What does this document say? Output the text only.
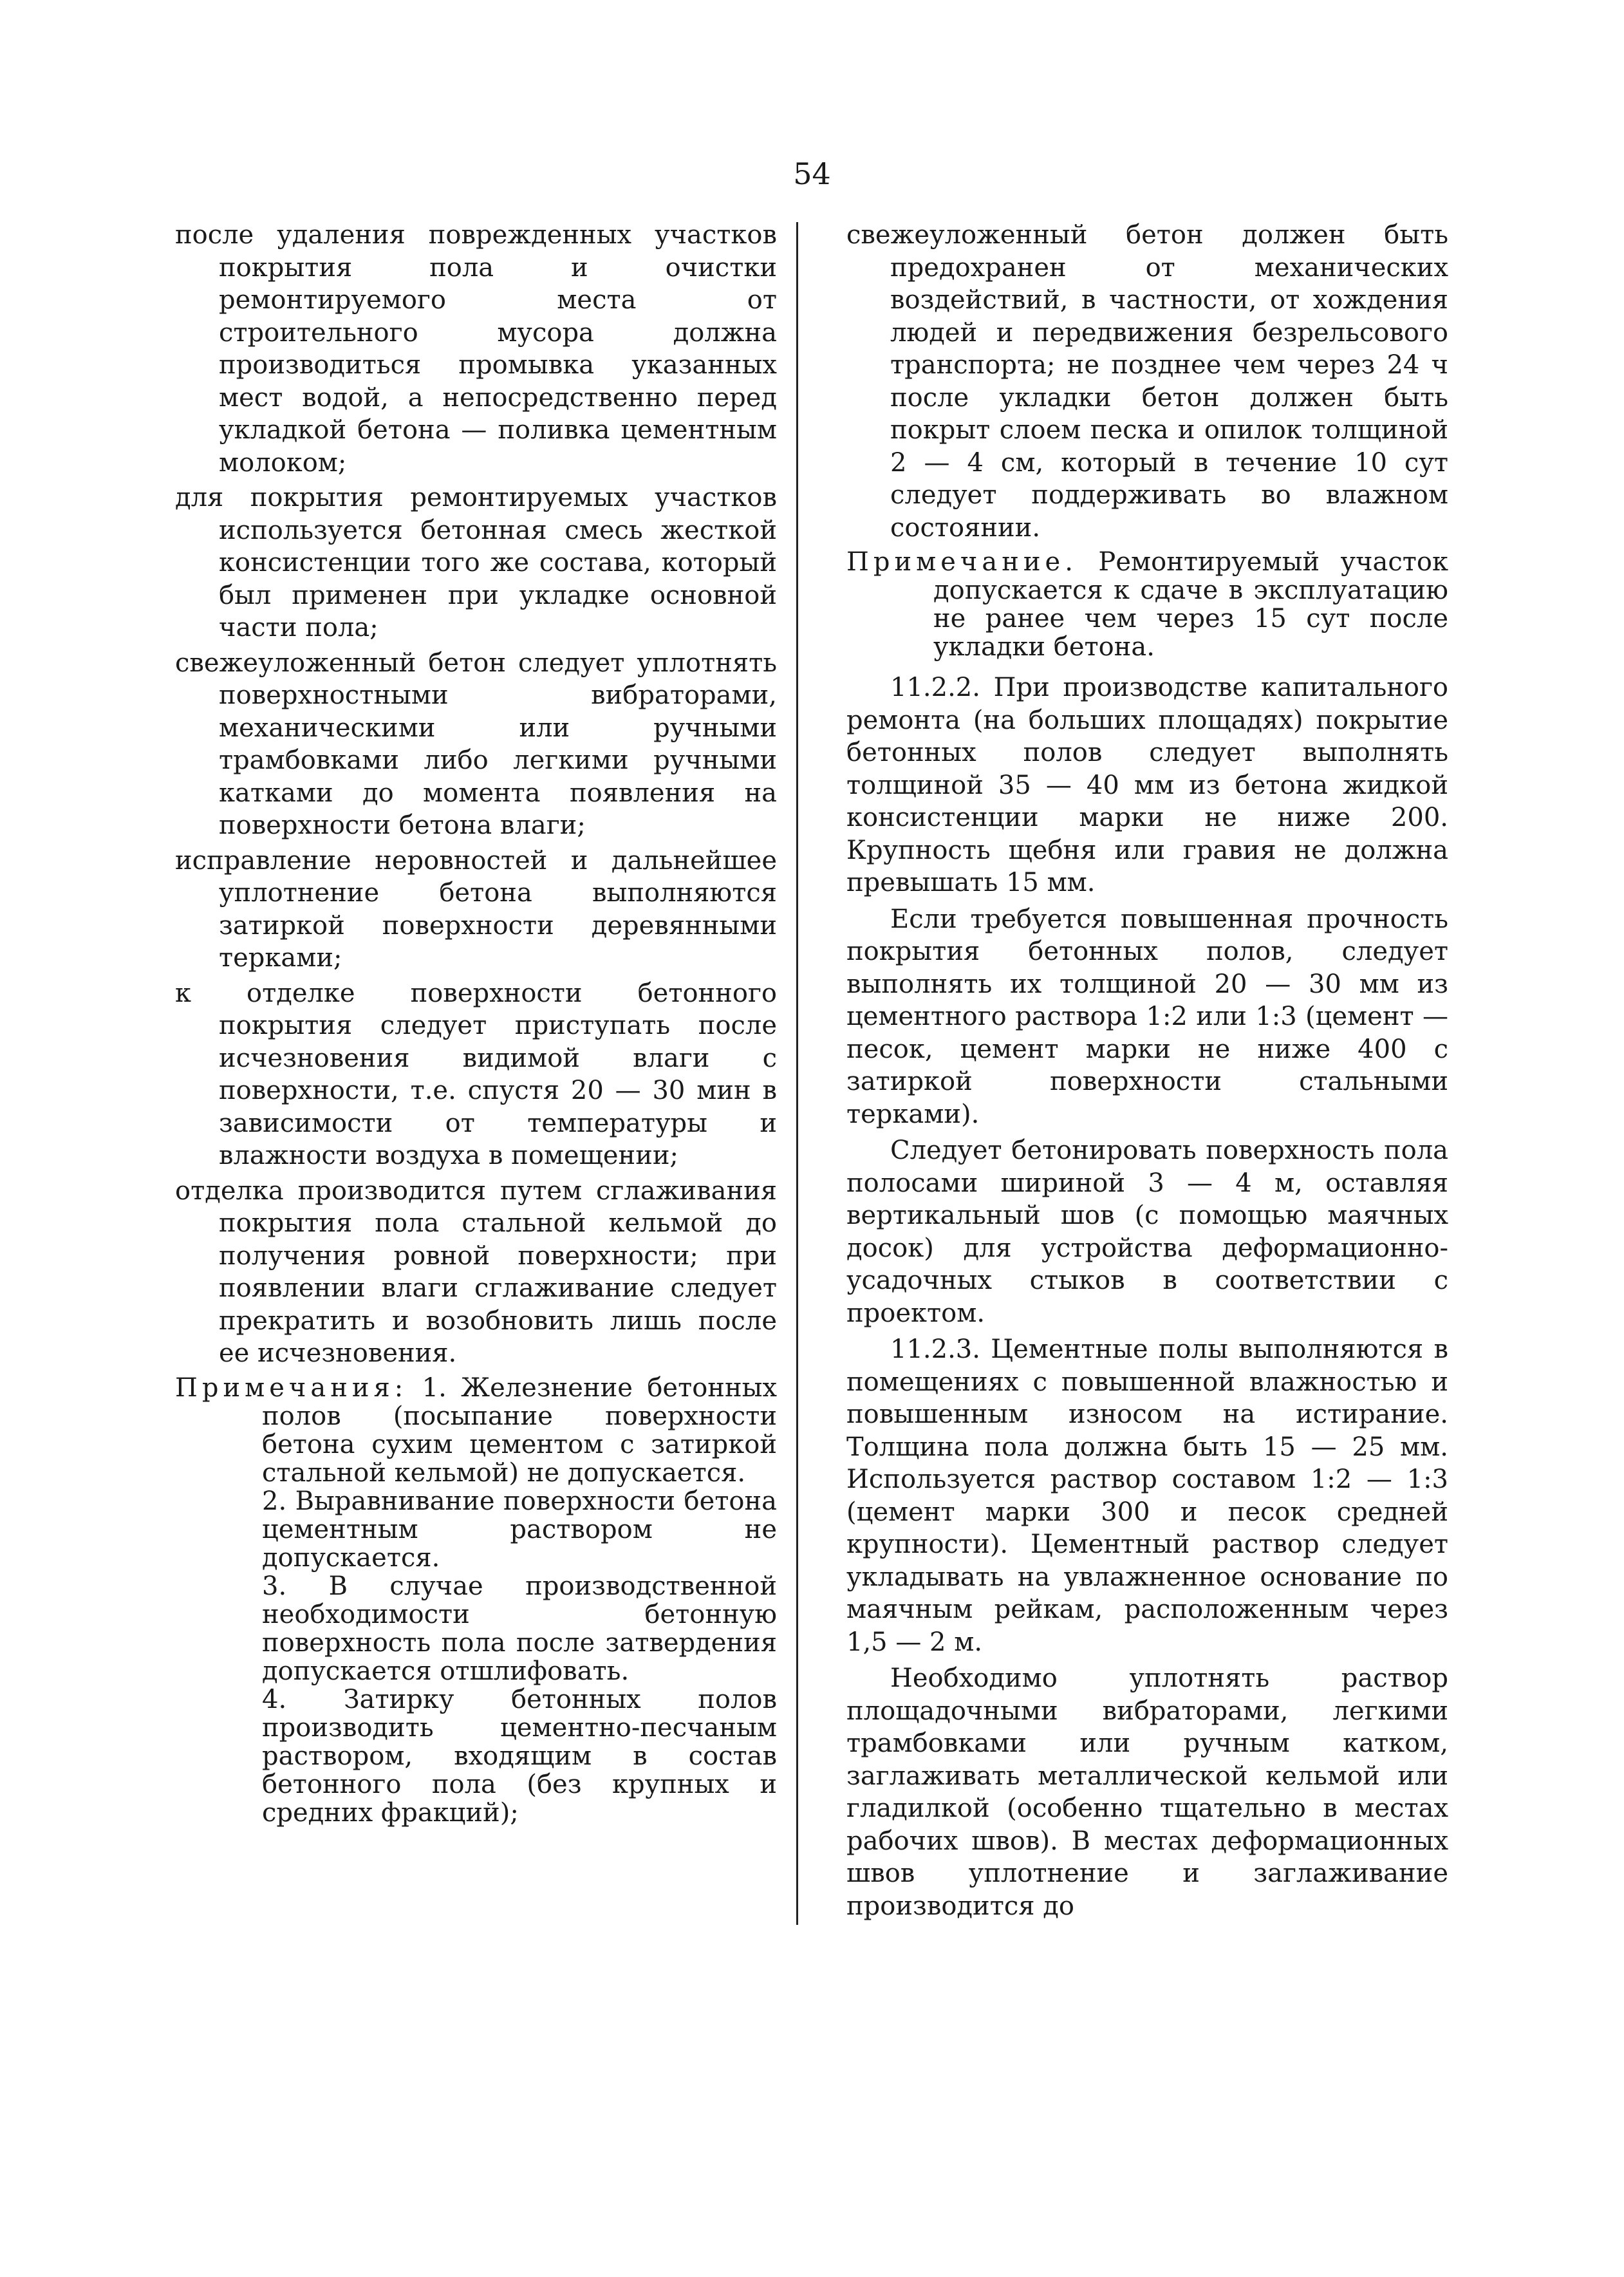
54

после удаления поврежденных участков покрытия пола и очистки ремонтируемого места от строительного мусора должна производиться промывка указанных мест водой, а непосредственно перед укладкой бетона — поливка цементным молоком;

для покрытия ремонтируемых участков используется бетонная смесь жесткой консистенции того же состава, который был применен при укладке основной части пола;

свежеуложенный бетон следует уплотнять поверхностными вибраторами, механическими или ручными трамбовками либо легкими ручными катками до момента появления на поверхности бетона влаги;

исправление неровностей и дальнейшее уплотнение бетона выполняются затиркой поверхности деревянными терками;

к отделке поверхности бетонного покрытия следует приступать после исчезновения видимой влаги с поверхности, т.е. спустя 20 — 30 мин в зависимости от температуры и влажности воздуха в помещении;

отделка производится путем сглаживания покрытия пола стальной кельмой до получения ровной поверхности; при появлении влаги сглаживание следует прекратить и возобновить лишь после ее исчезновения.

Примечания: 1. Железнение бетонных полов (посыпание поверхности бетона сухим цементом с затиркой стальной кельмой) не допускается.

2. Выравнивание поверхности бетона цементным раствором не допускается.

3. В случае производственной необходимости бетонную поверхность пола после затвердения допускается отшлифовать.

4. Затирку бетонных полов производить цементно-песчаным раствором, входящим в состав бетонного пола (без крупных и средних фракций);

свежеуложенный бетон должен быть предохранен от механических воздействий, в частности, от хождения людей и передвижения безрельсового транспорта; не позднее чем через 24 ч после укладки бетон должен быть покрыт слоем песка и опилок толщиной 2 — 4 см, который в течение 10 сут следует поддерживать во влажном состоянии.

Примечание. Ремонтируемый участок допускается к сдаче в эксплуатацию не ранее чем через 15 сут после укладки бетона.

11.2.2. При производстве капитального ремонта (на больших площадях) покрытие бетонных полов следует выполнять толщиной 35 — 40 мм из бетона жидкой консистенции марки не ниже 200. Крупность щебня или гравия не должна превышать 15 мм.

Если требуется повышенная прочность покрытия бетонных полов, следует выполнять их толщиной 20 — 30 мм из цементного раствора 1:2 или 1:3 (цемент — песок, цемент марки не ниже 400 с затиркой поверхности стальными терками).

Следует бетонировать поверхность пола полосами шириной 3 — 4 м, оставляя вертикальный шов (с помощью маячных досок) для устройства деформационно-усадочных стыков в соответствии с проектом.

11.2.3. Цементные полы выполняются в помещениях с повышенной влажностью и повышенным износом на истирание. Толщина пола должна быть 15 — 25 мм. Используется раствор составом 1:2 — 1:3 (цемент марки 300 и песок средней крупности). Цементный раствор следует укладывать на увлажненное основание по маячным рейкам, расположенным через 1,5 — 2 м.

Необходимо уплотнять раствор площадочными вибраторами, легкими трамбовками или ручным катком, заглаживать металлической кельмой или гладилкой (особенно тщательно в местах рабочих швов). В местах деформационных швов уплотнение и заглаживание производится до
